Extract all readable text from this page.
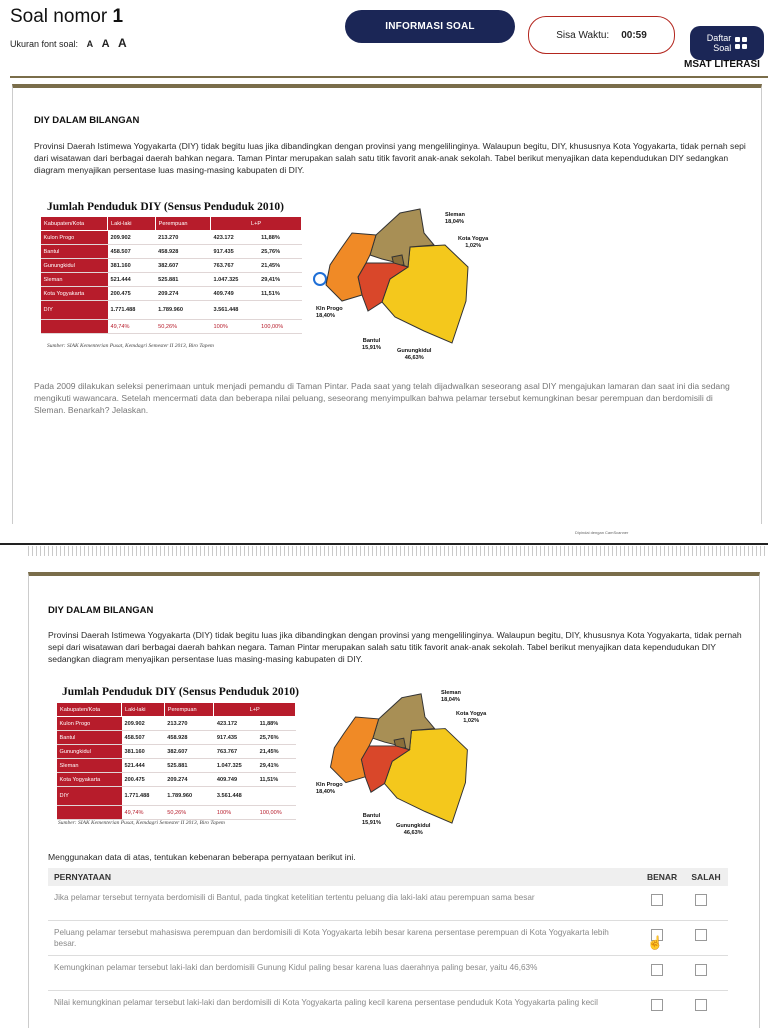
Soal nomor 1
Ukuran font soal: A A A
INFORMASI SOAL
Sisa Waktu: 00:59	Daftar
Soal
MSAT LITERASI
DIY DALAM BILANGAN
Provinsi Daerah Istimewa Yogyakarta (DIY) tidak begitu luas jika dibandingkan dengan provinsi yang mengelilinginya. Walaupun begitu, DIY, khususnya Kota Yogyakarta, tidak pernah sepi dari wisatawan dari berbagai daerah bahkan negara. Taman Pintar merupakan salah satu titik favorit anak-anak sekolah. Tabel berikut menyajikan data kependudukan DIY sedangkan diagram menyajikan persentase luas masing-masing kabupaten di DIY.
Jumlah Penduduk DIY (Sensus Penduduk 2010)
Kabupaten/Kota	Laki-laki	Perempuan	L+P	
Kulon Progo	209.902	213.270	423.172	11,88%
Bantul	458.507	458.928	917.435	25,76%
Gunungkidul	381.160	382.607	763.767	21,45%
Sleman	521.444	525.881	1.047.325	29,41%
Kota Yogyakarta	200.475	209.274	409.749	11,51%
DIY	1.771.488	1.789.960	3.561.448	
	49,74%	50,26%	100%	100,00%
Sumber: SIAK Kementerian Pusat, Kemdagri Semester II 2013, Biro Tapem
Sleman
18,04%
Kota Yogya
1,02%
Kln Progo
18,40%
Bantul
15,91%	Gunungkidul
46,63%
Pada 2009 dilakukan seleksi penerimaan untuk menjadi pemandu di Taman Pintar. Pada saat yang telah dijadwalkan seseorang asal DIY mengajukan lamaran dan saat ini dia sedang mengikuti wawancara. Setelah mencermati data dan beberapa nilai peluang, seseorang menyimpulkan bahwa pelamar tersebut kemungkinan besar perempuan dan berdomisili di Sleman. Benarkah? Jelaskan.
Dipindai dengan CamScanner
DIY DALAM BILANGAN
Provinsi Daerah Istimewa Yogyakarta (DIY) tidak begitu luas jika dibandingkan dengan provinsi yang mengelilinginya. Walaupun begitu, DIY, khususnya Kota Yogyakarta, tidak pernah sepi dari wisatawan dari berbagai daerah bahkan negara. Taman Pintar merupakan salah satu titik favorit anak-anak sekolah. Tabel berikut menyajikan data kependudukan DIY sedangkan diagram menyajikan persentase luas masing-masing kabupaten di DIY.
Jumlah Penduduk DIY (Sensus Penduduk 2010)
Kabupaten/Kota	Laki-laki	Perempuan	L+P	
Kulon Progo	209.902	213.270	423.172	11,88%
Bantul	458.507	458.928	917.435	25,76%
Gunungkidul	381.160	382.607	763.767	21,45%
Sleman	521.444	525.881	1.047.325	29,41%
Kota Yogyakarta	200.475	209.274	409.749	11,51%
DIY	1.771.488	1.789.960	3.561.448	
	49,74%	50,26%	100%	100,00%
Sumber: SIAK Kementerian Pusat, Kemdagri Semester II 2013, Biro Tapem
Sleman
18,04%
Kota Yogya
1,02%
Kln Progo
18,40%
Bantul
15,91%	Gunungkidul
46,63%
Menggunakan data di atas, tentukan kebenaran beberapa pernyataan berikut ini.
PERNYATAAN	BENAR	SALAH
Jika pelamar tersebut ternyata berdomisili di Bantul, pada tingkat ketelitian tertentu peluang dia laki-laki atau perempuan sama besar
Peluang pelamar tersebut mahasiswa perempuan dan berdomisili di Kota Yogyakarta lebih besar karena persentase perempuan di Kota Yogyakarta lebih besar.
Kemungkinan pelamar tersebut laki-laki dan berdomisili Gunung Kidul paling besar karena luas daerahnya paling besar, yaitu 46,63%
Nilai kemungkinan pelamar tersebut laki-laki dan berdomisili di Kota Yogyakarta paling kecil karena persentase penduduk Kota Yogyakarta paling kecil
☝
